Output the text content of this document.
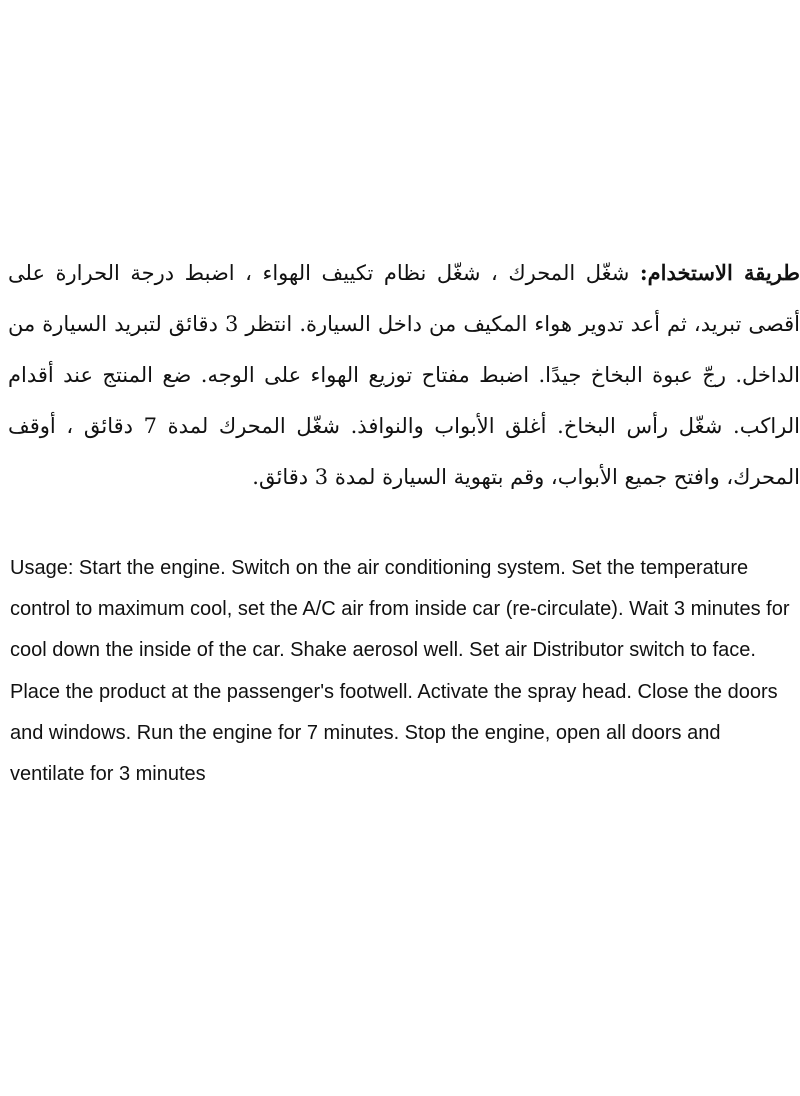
طريقة الاستخدام: شغّل المحرك ، شغّل نظام تكييف الهواء ، اضبط درجة الحرارة على أقصى تبريد، ثم أعد تدوير هواء المكيف من داخل السيارة. انتظر 3 دقائق لتبريد السيارة من الداخل. رجّ عبوة البخاخ جيدًا. اضبط مفتاح توزيع الهواء على الوجه. ضع المنتج عند أقدام الراكب. شغّل رأس البخاخ. أغلق الأبواب والنوافذ. شغّل المحرك لمدة 7 دقائق ، أوقف المحرك، وافتح جميع الأبواب، وقم بتهوية السيارة لمدة 3 دقائق.

Usage: Start the engine. Switch on the air conditioning system. Set the temperature control to maximum cool, set the A/C air from inside car (re-circulate). Wait 3 minutes for cool down the inside of the car. Shake aerosol well. Set air Distributor switch to face. Place the product at the passenger's footwell. Activate the spray head. Close the doors and windows. Run the engine for 7 minutes. Stop the engine, open all doors and ventilate for 3 minutes
